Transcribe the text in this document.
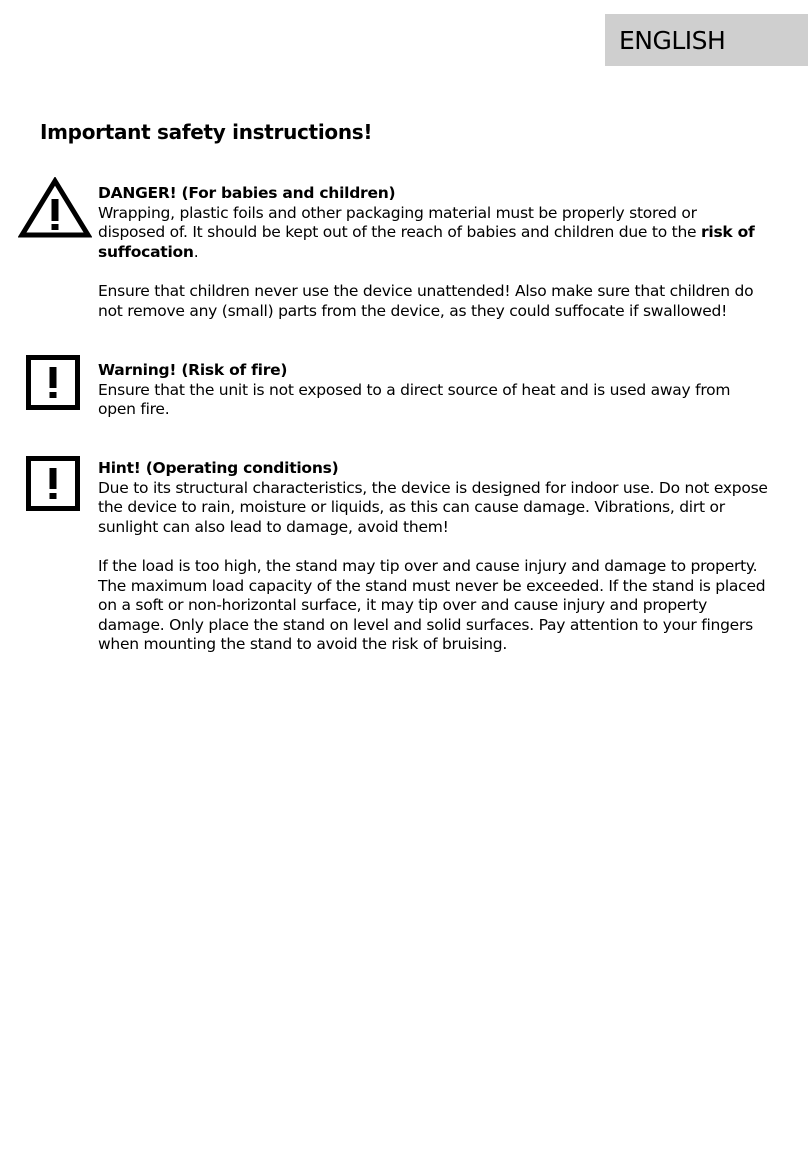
ENGLISH
Important safety instructions!

DANGER! (For babies and children)

Wrapping, plastic foils and other packaging material must be properly stored or disposed of. It should be kept out of the reach of babies and children due to the risk of suffocation.

Ensure that children never use the device unattended! Also make sure that children do not remove any (small) parts from the device, as they could suffocate if swallowed!

Warning! (Risk of fire)

Ensure that the unit is not exposed to a direct source of heat and is used away from open fire.

Hint! (Operating conditions)

Due to its structural characteristics, the device is designed for indoor use. Do not expose the device to rain, moisture or liquids, as this can cause damage. Vibrations, dirt or sunlight can also lead to damage, avoid them!

If the load is too high, the stand may tip over and cause injury and damage to property. The maximum load capacity of the stand must never be exceeded. If the stand is placed on a soft or non-horizontal surface, it may tip over and cause injury and property damage. Only place the stand on level and solid surfaces. Pay attention to your fingers when mounting the stand to avoid the risk of bruising.
